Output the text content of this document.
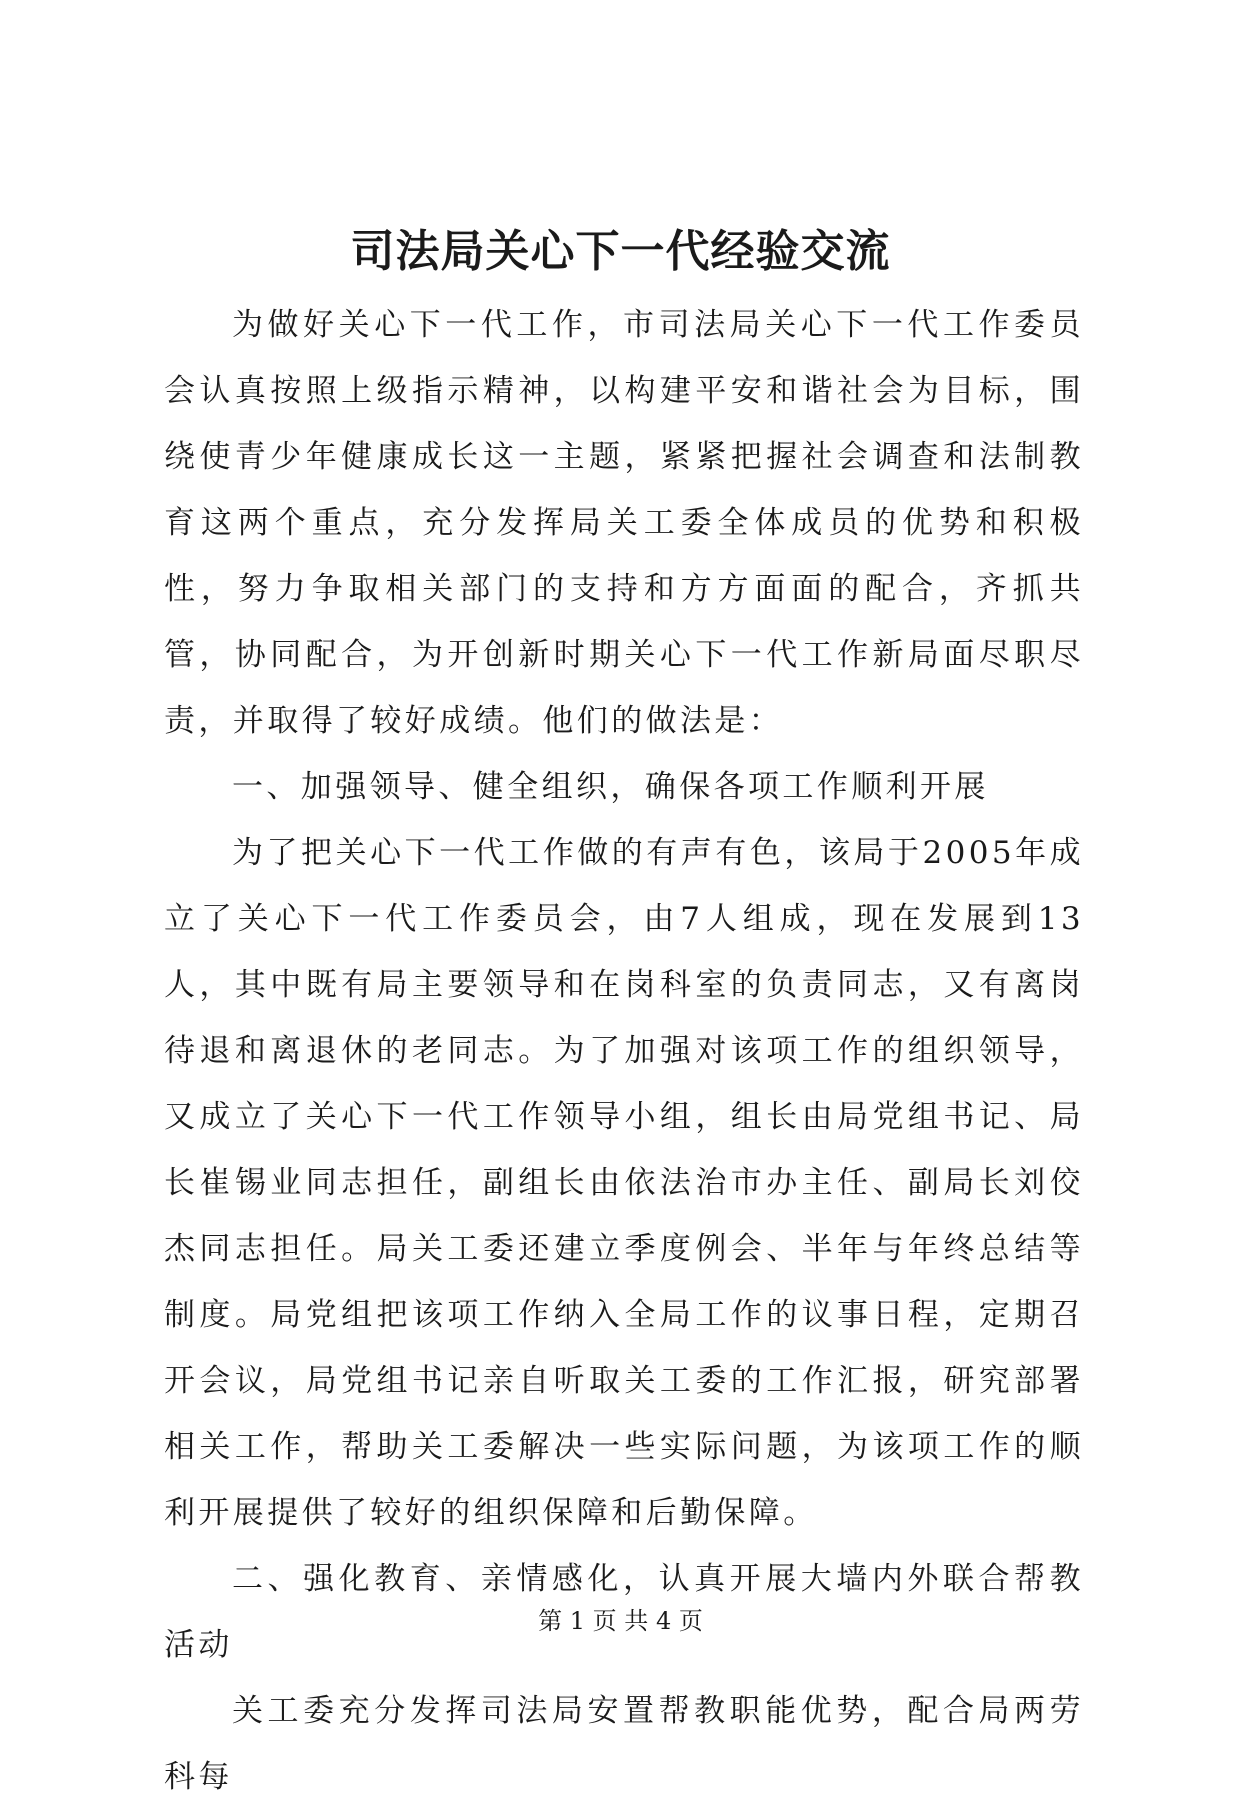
司法局关心下一代经验交流

为做好关心下一代工作，市司法局关心下一代工作委员会认真按照上级指示精神，以构建平安和谐社会为目标，围绕使青少年健康成长这一主题，紧紧把握社会调查和法制教育这两个重点，充分发挥局关工委全体成员的优势和积极性，努力争取相关部门的支持和方方面面的配合，齐抓共管，协同配合，为开创新时期关心下一代工作新局面尽职尽责，并取得了较好成绩。他们的做法是：

一、加强领导、健全组织，确保各项工作顺利开展

为了把关心下一代工作做的有声有色，该局于2005年成立了关心下一代工作委员会，由7人组成，现在发展到13人，其中既有局主要领导和在岗科室的负责同志，又有离岗待退和离退休的老同志。为了加强对该项工作的组织领导，又成立了关心下一代工作领导小组，组长由局党组书记、局长崔锡业同志担任，副组长由依法治市办主任、副局长刘佼杰同志担任。局关工委还建立季度例会、半年与年终总结等制度。局党组把该项工作纳入全局工作的议事日程，定期召开会议，局党组书记亲自听取关工委的工作汇报，研究部署相关工作，帮助关工委解决一些实际问题，为该项工作的顺利开展提供了较好的组织保障和后勤保障。

二、强化教育、亲情感化，认真开展大墙内外联合帮教活动

关工委充分发挥司法局安置帮教职能优势，配合局两劳科每

第 1 页 共 4 页
